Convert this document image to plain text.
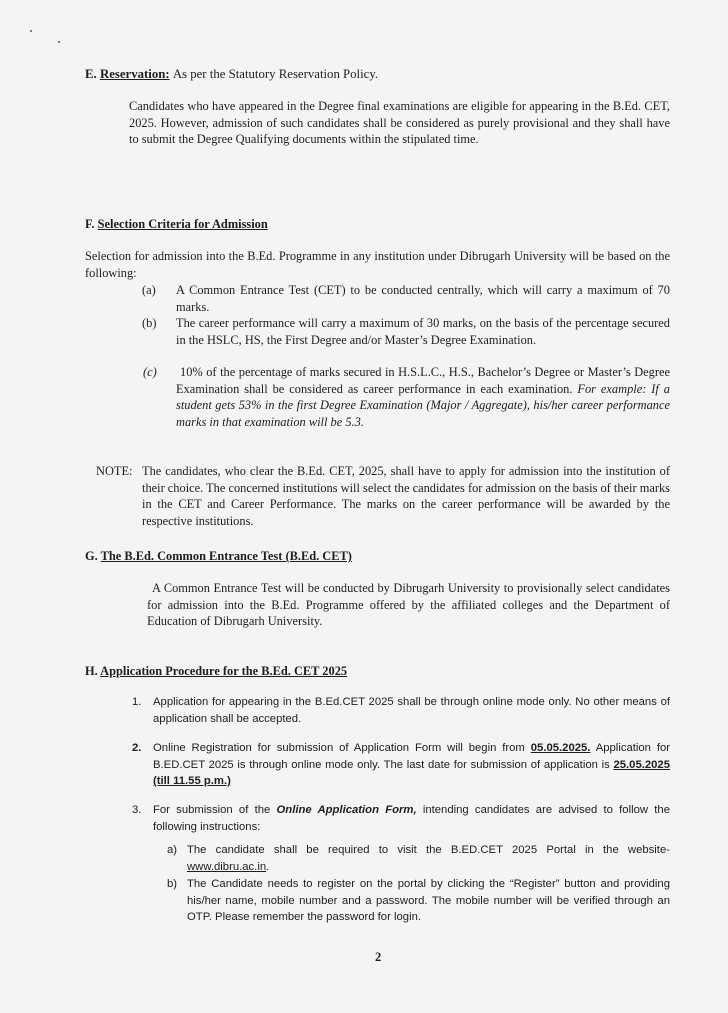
E. Reservation: As per the Statutory Reservation Policy.

Candidates who have appeared in the Degree final examinations are eligible for appearing in the B.Ed. CET, 2025. However, admission of such candidates shall be considered as purely provisional and they shall have to submit the Degree Qualifying documents within the stipulated time.

F. Selection Criteria for Admission

Selection for admission into the B.Ed. Programme in any institution under Dibrugarh University will be based on the following:

(a) A Common Entrance Test (CET) to be conducted centrally, which will carry a maximum of 70 marks.

(b) The career performance will carry a maximum of 30 marks, on the basis of the percentage secured in the HSLC, HS, the First Degree and/or Master’s Degree Examination.

(c)	10% of the percentage of marks secured in H.S.L.C., H.S., Bachelor’s Degree or Master’s Degree Examination shall be considered as career performance in each examination. For example: If a student gets 53% in the first Degree Examination (Major / Aggregate), his/her career performance marks in that examination will be 5.3.

NOTE: The candidates, who clear the B.Ed. CET, 2025, shall have to apply for admission into the institution of their choice. The concerned institutions will select the candidates for admission on the basis of their marks in the CET and Career Performance. The marks on the career performance will be awarded by the respective institutions.

G. The B.Ed. Common Entrance Test (B.Ed. CET)

A Common Entrance Test will be conducted by Dibrugarh University to provisionally select candidates for admission into the B.Ed. Programme offered by the affiliated colleges and the Department of Education of Dibrugarh University.

H. Application Procedure for the B.Ed. CET 2025
1. Application for appearing in the B.Ed.CET 2025 shall be through online mode only. No other means of application shall be accepted.

2. Online Registration for submission of Application Form will begin from 05.05.2025. Application for B.ED.CET 2025 is through online mode only. The last date for submission of application is 25.05.2025 (till 11.55 p.m.)

3. For submission of the Online Application Form, intending candidates are advised to follow the following instructions:

a) The candidate shall be required to visit the B.ED.CET 2025 Portal in the website-www.dibru.ac.in.

b) The Candidate needs to register on the portal by clicking the “Register” button and providing his/her name, mobile number and a password. The mobile number will be verified through an OTP. Please remember the password for login.

2
